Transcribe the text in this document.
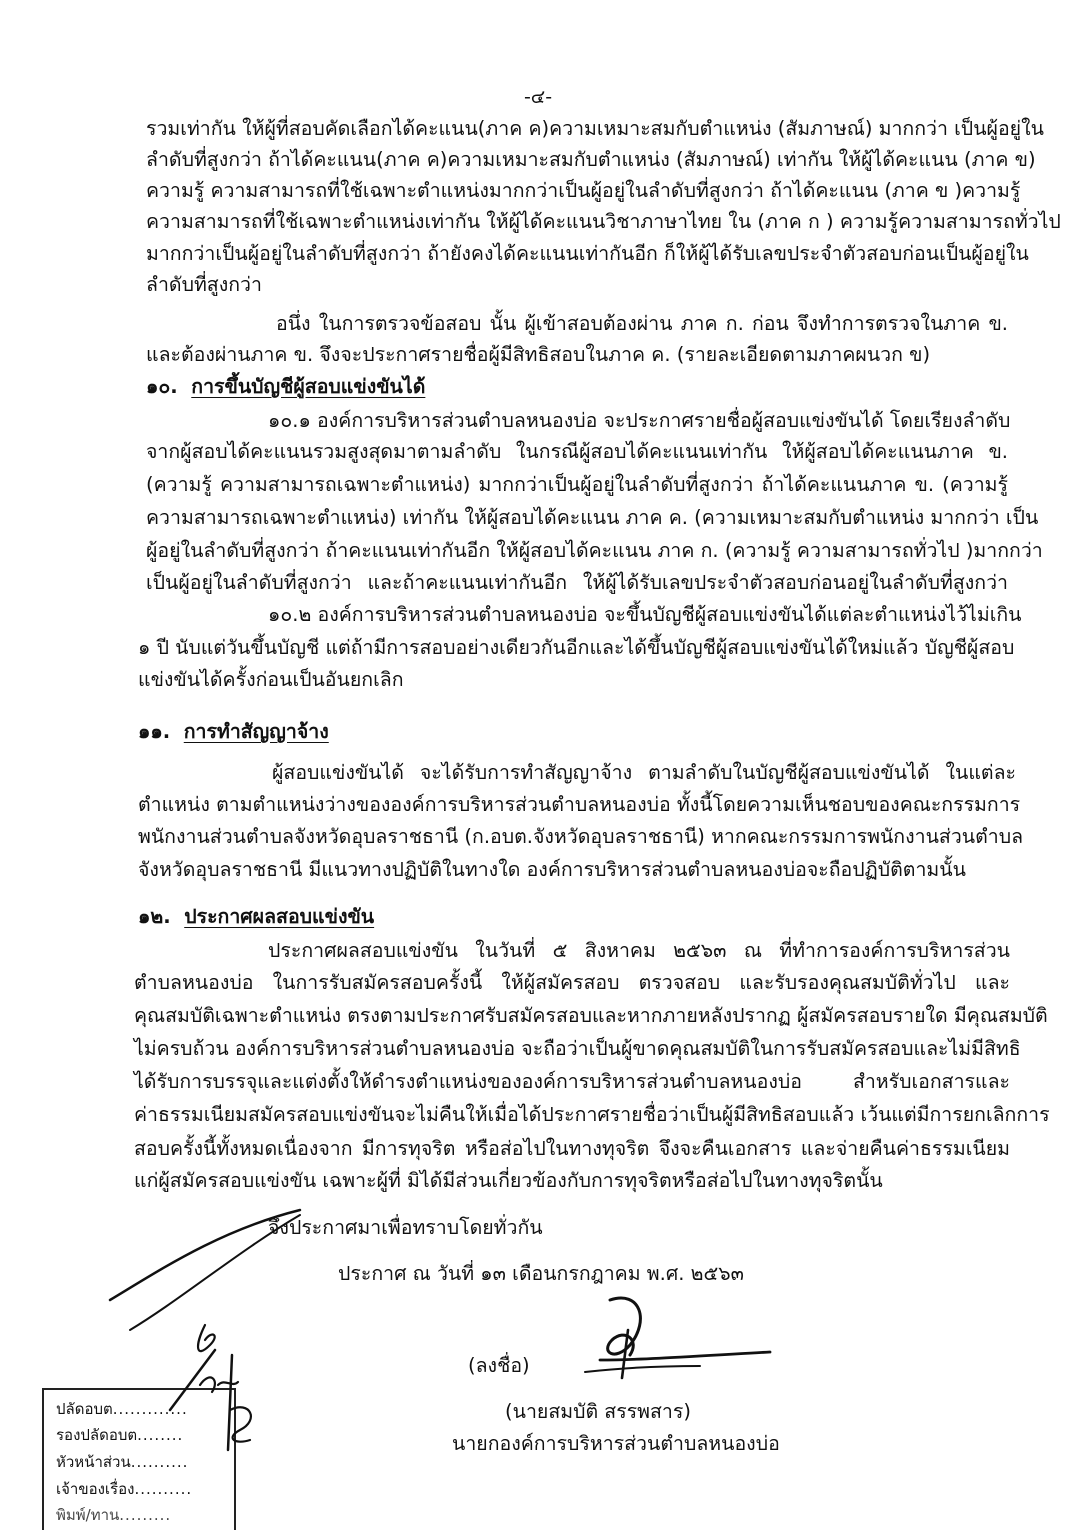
-๔-
รวมเท่ากัน ให้ผู้ที่สอบคัดเลือกได้คะแนน(ภาค ค)ความเหมาะสมกับตำแหน่ง (สัมภาษณ์) มากกว่า เป็นผู้อยู่ใน
ลำดับที่สูงกว่า ถ้าได้คะแนน(ภาค ค)ความเหมาะสมกับตำแหน่ง (สัมภาษณ์) เท่ากัน ให้ผู้ได้คะแนน (ภาค ข)
ความรู้ ความสามารถที่ใช้เฉพาะตำแหน่งมากกว่าเป็นผู้อยู่ในลำดับที่สูงกว่า ถ้าได้คะแนน (ภาค ข )ความรู้
ความสามารถที่ใช้เฉพาะตำแหน่งเท่ากัน ให้ผู้ได้คะแนนวิชาภาษาไทย ใน (ภาค ก ) ความรู้ความสามารถทั่วไป
มากกว่าเป็นผู้อยู่ในลำดับที่สูงกว่า ถ้ายังคงได้คะแนนเท่ากันอีก ก็ให้ผู้ได้รับเลขประจำตัวสอบก่อนเป็นผู้อยู่ใน
ลำดับที่สูงกว่า
อนึ่ง ในการตรวจข้อสอบ นั้น ผู้เข้าสอบต้องผ่าน ภาค ก. ก่อน จึงทำการตรวจในภาค ข.
และต้องผ่านภาค ข. จึงจะประกาศรายชื่อผู้มีสิทธิสอบในภาค ค. (รายละเอียดตามภาคผนวก ข)
๑๐. การขึ้นบัญชีผู้สอบแข่งขันได้
๑๐.๑ องค์การบริหารส่วนตำบลหนองบ่อ จะประกาศรายชื่อผู้สอบแข่งขันได้ โดยเรียงลำดับ
จากผู้สอบได้คะแนนรวมสูงสุดมาตามลำดับ ในกรณีผู้สอบได้คะแนนเท่ากัน ให้ผู้สอบได้คะแนนภาค ข.
(ความรู้ ความสามารถเฉพาะตำแหน่ง) มากกว่าเป็นผู้อยู่ในลำดับที่สูงกว่า ถ้าได้คะแนนภาค ข. (ความรู้
ความสามารถเฉพาะตำแหน่ง) เท่ากัน ให้ผู้สอบได้คะแนน ภาค ค. (ความเหมาะสมกับตำแหน่ง มากกว่า เป็น
ผู้อยู่ในลำดับที่สูงกว่า ถ้าคะแนนเท่ากันอีก ให้ผู้สอบได้คะแนน ภาค ก. (ความรู้ ความสามารถทั่วไป )มากกว่า
เป็นผู้อยู่ในลำดับที่สูงกว่า และถ้าคะแนนเท่ากันอีก ให้ผู้ได้รับเลขประจำตัวสอบก่อนอยู่ในลำดับที่สูงกว่า
๑๐.๒ องค์การบริหารส่วนตำบลหนองบ่อ จะขึ้นบัญชีผู้สอบแข่งขันได้แต่ละตำแหน่งไว้ไม่เกิน
๑ ปี นับแต่วันขึ้นบัญชี แต่ถ้ามีการสอบอย่างเดียวกันอีกและได้ขึ้นบัญชีผู้สอบแข่งขันได้ใหม่แล้ว บัญชีผู้สอบ
แข่งขันได้ครั้งก่อนเป็นอันยกเลิก
๑๑. การทำสัญญาจ้าง
ผู้สอบแข่งขันได้ จะได้รับการทำสัญญาจ้าง ตามลำดับในบัญชีผู้สอบแข่งขันได้ ในแต่ละ
ตำแหน่ง ตามตำแหน่งว่างขององค์การบริหารส่วนตำบลหนองบ่อ ทั้งนี้โดยความเห็นชอบของคณะกรรมการ
พนักงานส่วนตำบลจังหวัดอุบลราชธานี (ก.อบต.จังหวัดอุบลราชธานี) หากคณะกรรมการพนักงานส่วนตำบล
จังหวัดอุบลราชธานี มีแนวทางปฏิบัติในทางใด องค์การบริหารส่วนตำบลหนองบ่อจะถือปฏิบัติตามนั้น
๑๒. ประกาศผลสอบแข่งขัน
ประกาศผลสอบแข่งขัน ในวันที่ ๕ สิงหาคม ๒๕๖๓ ณ ที่ทำการองค์การบริหารส่วน
ตำบลหนองบ่อ ในการรับสมัครสอบครั้งนี้ ให้ผู้สมัครสอบ ตรวจสอบ และรับรองคุณสมบัติทั่วไป และ
คุณสมบัติเฉพาะตำแหน่ง ตรงตามประกาศรับสมัครสอบและหากภายหลังปรากฏ ผู้สมัครสอบรายใด มีคุณสมบัติ
ไม่ครบถ้วน องค์การบริหารส่วนตำบลหนองบ่อ จะถือว่าเป็นผู้ขาดคุณสมบัติในการรับสมัครสอบและไม่มีสิทธิ
ได้รับการบรรจุและแต่งตั้งให้ดำรงตำแหน่งขององค์การบริหารส่วนตำบลหนองบ่อ สำหรับเอกสารและ
ค่าธรรมเนียมสมัครสอบแข่งขันจะไม่คืนให้เมื่อได้ประกาศรายชื่อว่าเป็นผู้มีสิทธิสอบแล้ว เว้นแต่มีการยกเลิกการ
สอบครั้งนี้ทั้งหมดเนื่องจาก มีการทุจริต หรือส่อไปในทางทุจริต จึงจะคืนเอกสาร และจ่ายคืนค่าธรรมเนียม
แก่ผู้สมัครสอบแข่งขัน เฉพาะผู้ที่ มิได้มีส่วนเกี่ยวข้องกับการทุจริตหรือส่อไปในทางทุจริตนั้น
จึงประกาศมาเพื่อทราบโดยทั่วกัน
ประกาศ ณ วันที่ ๑๓ เดือนกรกฎาคม พ.ศ. ๒๕๖๓
(ลงชื่อ)
(นายสมบัติ สรรพสาร)
นายกองค์การบริหารส่วนตำบลหนองบ่อ
ปลัดอบต.............
รองปลัดอบต........
หัวหน้าส่วน..........
เจ้าของเรื่อง..........
พิมพ์/ทาน.........
